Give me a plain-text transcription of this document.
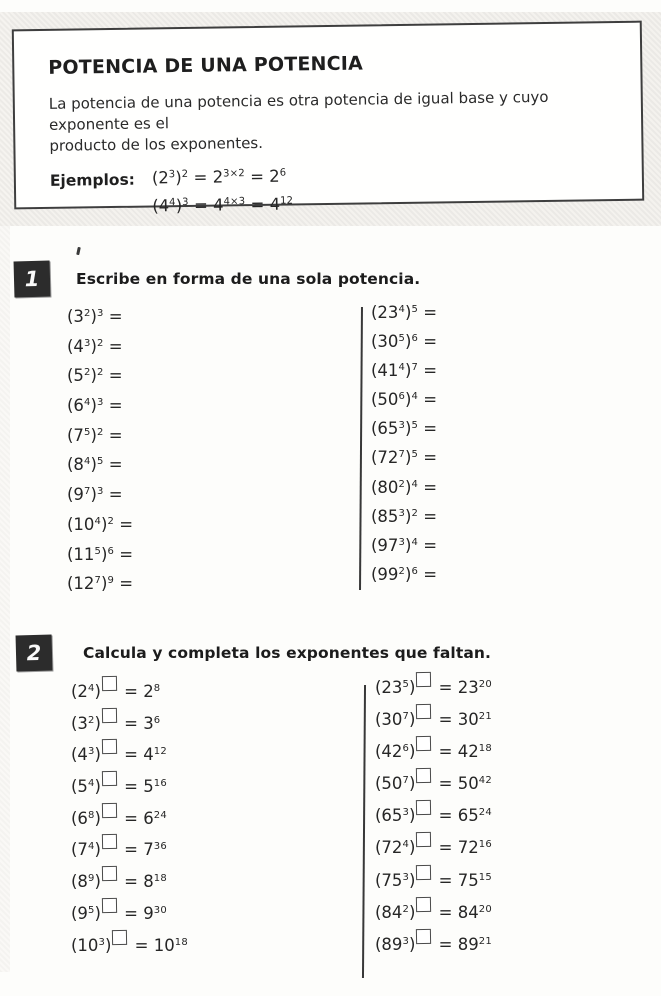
POTENCIA DE UNA POTENCIA

La potencia de una potencia es otra potencia de igual base y cuyo exponente es el
producto de los exponentes.

Ejemplos: $(2^3)^2 = 2^{3\times 2} = 2^6$
$(4^4)^3 = 4^{4\times 3} = 4^{12}$
1	Escribe en forma de una sola potencia.
$(3^2)^3$ =
$(4^3)^2$ =
$(5^2)^2$ =
$(6^4)^3$ =
$(7^5)^2$ =
$(8^4)^5$ =
$(9^7)^3$ =
$(10^4)^2$ =
$(11^5)^6$ =
$(12^7)^9$ =
$(23^4)^5$ =
$(30^5)^6$ =
$(41^4)^7$ =
$(50^6)^4$ =
$(65^3)^5$ =
$(72^7)^5$ =
$(80^2)^4$ =
$(85^3)^2$ =
$(97^3)^4$ =
$(99^2)^6$ =
2	Calcula y completa los exponentes que faltan.
$(2^4) = 2^8$
$(3^2) = 3^6$
$(4^3) = 4^{12}$
$(5^4) = 5^{16}$
$(6^8) = 6^{24}$
$(7^4) = 7^{36}$
$(8^9) = 8^{18}$
$(9^5) = 9^{30}$
$(10^3) = 10^{18}$
$(23^5) = 23^{20}$
$(30^7) = 30^{21}$
$(42^6) = 42^{18}$
$(50^7) = 50^{42}$
$(65^3) = 65^{24}$
$(72^4) = 72^{16}$
$(75^3) = 75^{15}$
$(84^2) = 84^{20}$
$(89^3) = 89^{21}$
